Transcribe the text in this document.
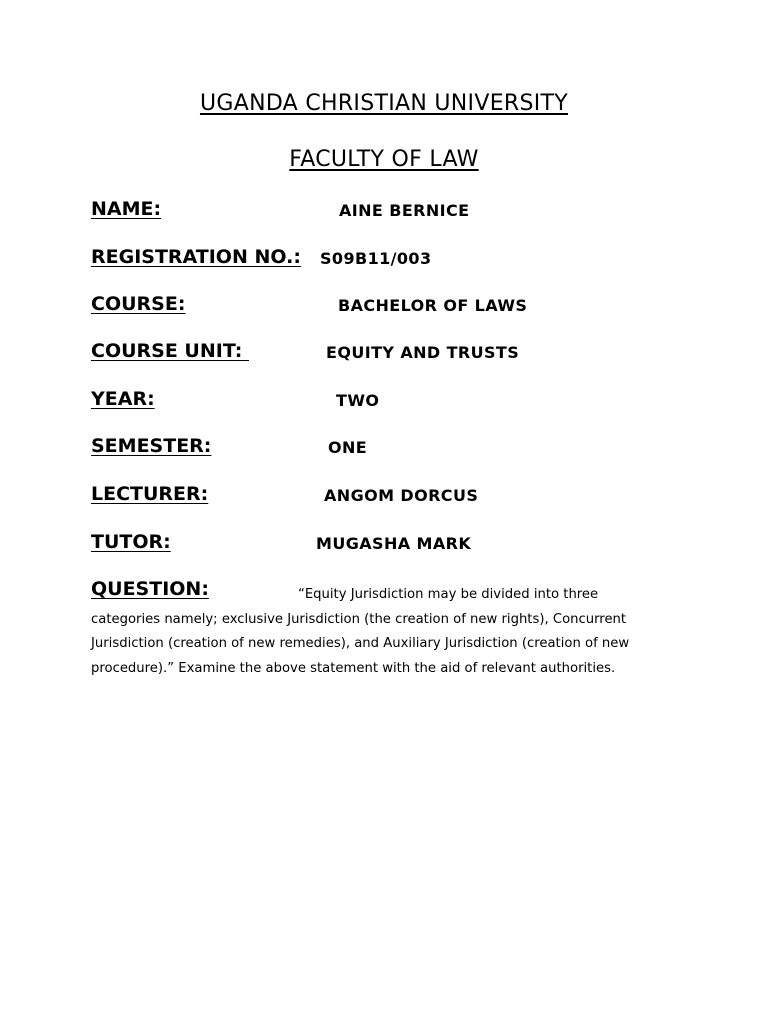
UGANDA CHRISTIAN UNIVERSITY
FACULTY OF LAW
NAME:	AINE BERNICE
REGISTRATION NO.: S09B11/003
COURSE:	BACHELOR OF LAWS
COURSE UNIT:	EQUITY AND TRUSTS
YEAR:	TWO
SEMESTER:	ONE
LECTURER:	ANGOM DORCUS
TUTOR:	MUGASHA MARK
QUESTION:	“Equity Jurisdiction may be divided into three categories namely; exclusive Jurisdiction (the creation of new rights), Concurrent Jurisdiction (creation of new remedies), and Auxiliary Jurisdiction (creation of new procedure).” Examine the above statement with the aid of relevant authorities.
